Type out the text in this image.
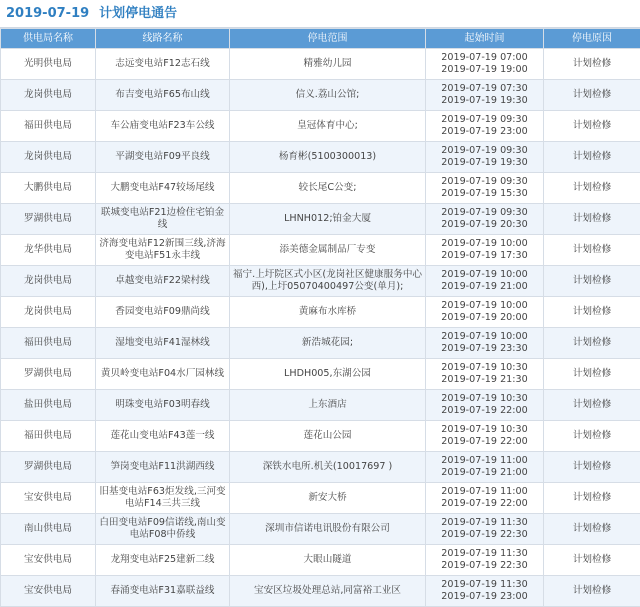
2019-07-19 计划停电通告
供电局名称	线路名称	停电范围	起始时间	停电原因
光明供电局	志远变电站F12志石线	精雅幼儿园	2019-07-19 07:00
2019-07-19 19:00	计划检修
龙岗供电局	布吉变电站F65布山线	信义.荔山公馆;	2019-07-19 07:30
2019-07-19 19:30	计划检修
福田供电局	车公庙变电站F23车公线	皇冠体育中心;	2019-07-19 09:30
2019-07-19 23:00	计划检修
龙岗供电局	平湖变电站F09平良线	杨育彬(5100300013)	2019-07-19 09:30
2019-07-19 19:30	计划检修
大鹏供电局	大鹏变电站F47较场尾线	较长尾C公变;	2019-07-19 09:30
2019-07-19 15:30	计划检修
罗湖供电局	联城变电站F21边检住宅铂金线	LHNH012;铂金大厦	2019-07-19 09:30
2019-07-19 20:30	计划检修
龙华供电局	济海变电站F12新围三线,济海变电站F51永丰线	添美德金属制品厂专变	2019-07-19 10:00
2019-07-19 17:30	计划检修
龙岗供电局	卓越变电站F22梁村线	福宁.上圩院区式小区(龙岗社区健康服务中心西),上圩05070400497公变(单月);	2019-07-19 10:00
2019-07-19 21:00	计划检修
龙岗供电局	香园变电站F09鼎尚线	黄麻布水库桥	2019-07-19 10:00
2019-07-19 20:00	计划检修
福田供电局	湿地变电站F41湿林线	新浩城花园;	2019-07-19 10:00
2019-07-19 23:30	计划检修
罗湖供电局	黄贝岭变电站F04水厂园林线	LHDH005,东湖公园	2019-07-19 10:30
2019-07-19 21:30	计划检修
盐田供电局	明珠变电站F03明春线	上东酒店	2019-07-19 10:30
2019-07-19 22:00	计划检修
福田供电局	莲花山变电站F43莲一线	莲花山公园	2019-07-19 10:30
2019-07-19 22:00	计划检修
罗湖供电局	笋岗变电站F11洪湖西线	深铁水电所.机关(10017697 )	2019-07-19 11:00
2019-07-19 21:00	计划检修
宝安供电局	旧基变电站F63炬发线,三河变电站F14三共三线	新安大桥	2019-07-19 11:00
2019-07-19 22:00	计划检修
南山供电局	白田变电站F09信诺线,南山变电站F08中侨线	深圳市信诺电讯股份有限公司	2019-07-19 11:30
2019-07-19 22:30	计划检修
宝安供电局	龙翔变电站F25建新二线	大眼山隧道	2019-07-19 11:30
2019-07-19 22:30	计划检修
宝安供电局	春涌变电站F31嘉联益线	宝安区垃圾处理总站,同富裕工业区	2019-07-19 11:30
2019-07-19 23:00	计划检修
